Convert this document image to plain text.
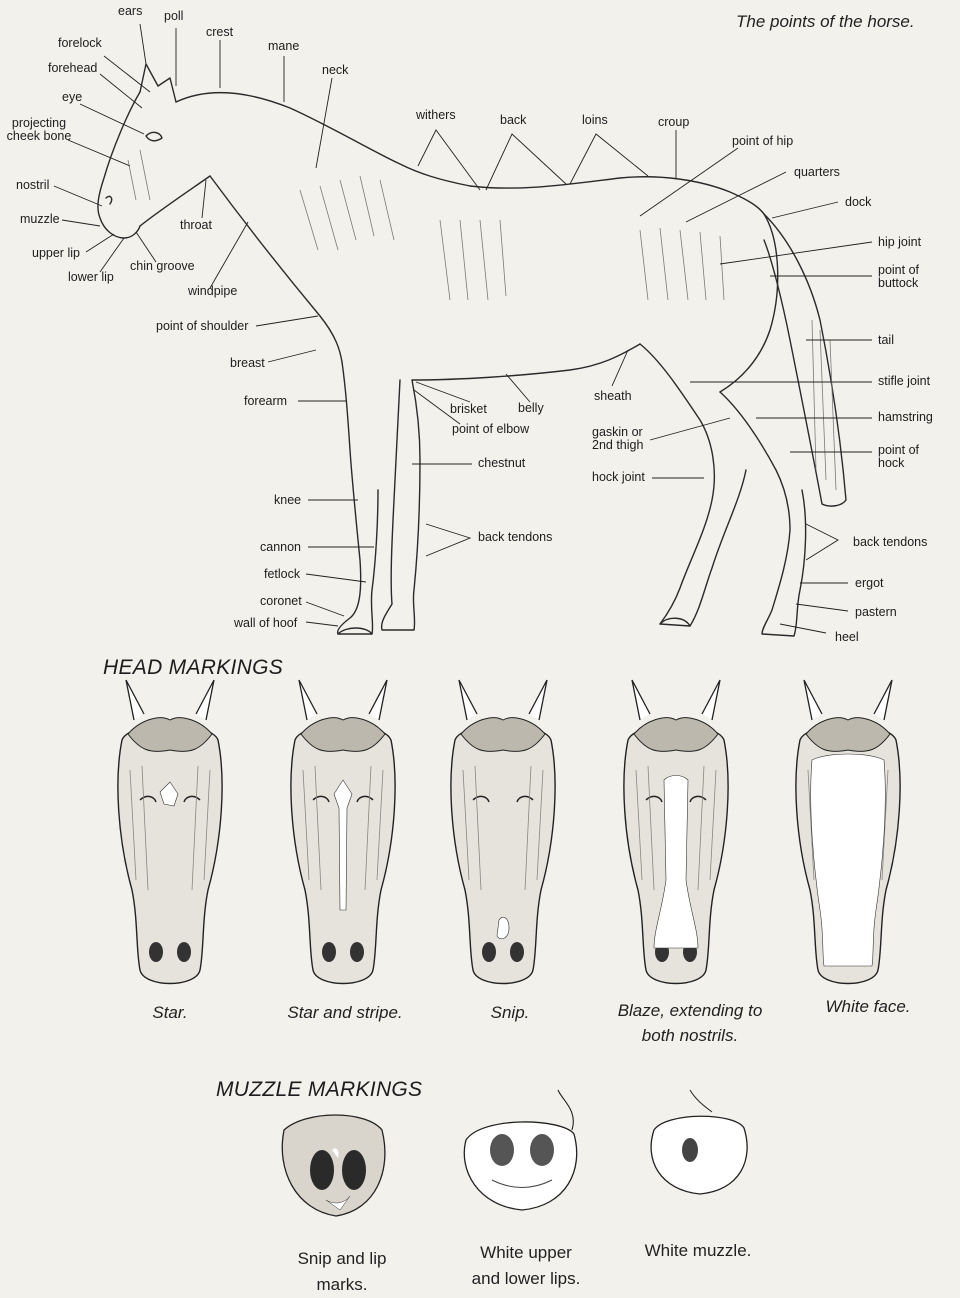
The points of the horse.
ears poll
crest
mane
neck
forelock
forehead
eye
projecting cheek bone
nostril
muzzle
upper lip
lower lip
chin groove
throat
windpipe
point of shoulder
breast
forearm
knee
cannon
fetlock
coronet
wall of hoof
withers	back	loins	croup
point of hip
quarters
dock
hip joint
point of buttock
tail
stifle joint
hamstring
point of hock
back tendons
ergot
pastern
heel
brisket belly
point of elbow
sheath
gaskin or 2nd thigh
chestnut
hock joint
back tendons
HEAD MARKINGS
Star.	Star and stripe.	Snip.	Blaze, extending to both nostrils.
White face.
MUZZLE MARKINGS
Snip and lip marks.
White upper and lower lips.
White muzzle.
